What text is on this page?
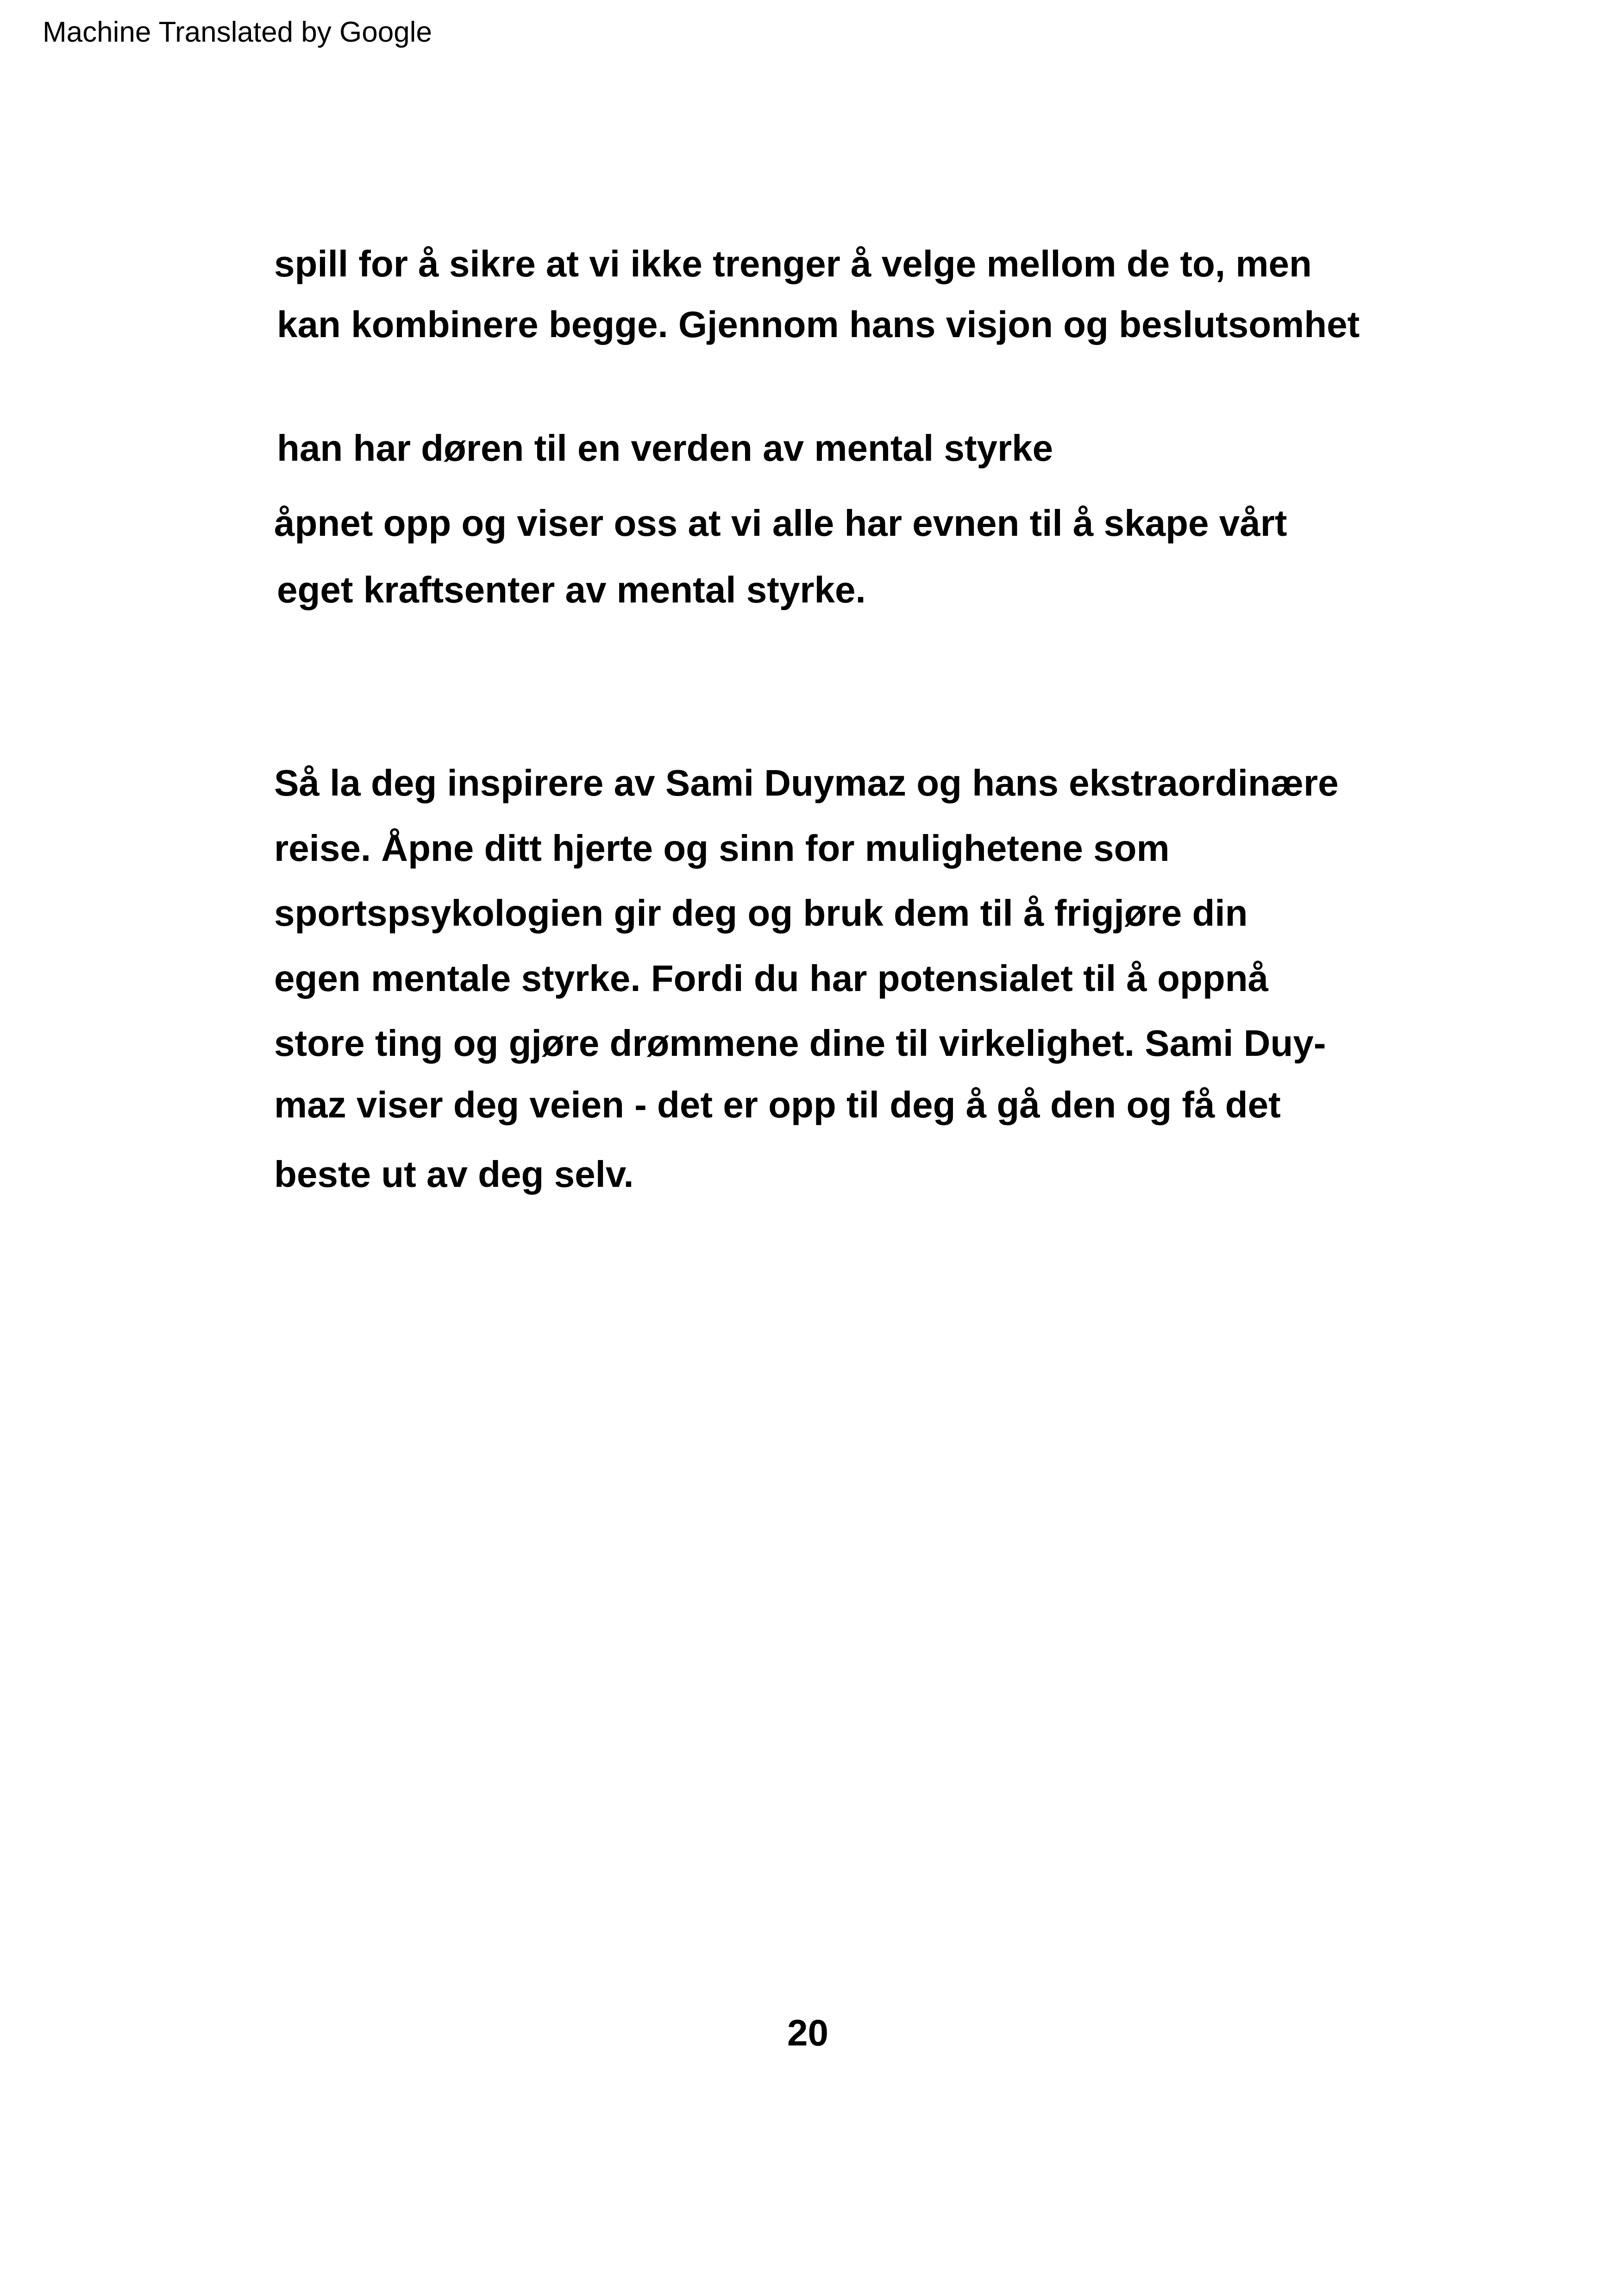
Machine Translated by Google
spill for å sikre at vi ikke trenger å velge mellom de to, men
kan kombinere begge. Gjennom hans visjon og beslutsomhet
han har døren til en verden av mental styrke
åpnet opp og viser oss at vi alle har evnen til å skape vårt
eget kraftsenter av mental styrke.
Så la deg inspirere av Sami Duymaz og hans ekstraordinære
reise. Åpne ditt hjerte og sinn for mulighetene som
sportspsykologien gir deg og bruk dem til å frigjøre din
egen mentale styrke. Fordi du har potensialet til å oppnå
store ting og gjøre drømmene dine til virkelighet. Sami Duy-
maz viser deg veien - det er opp til deg å gå den og få det
beste ut av deg selv.
20
